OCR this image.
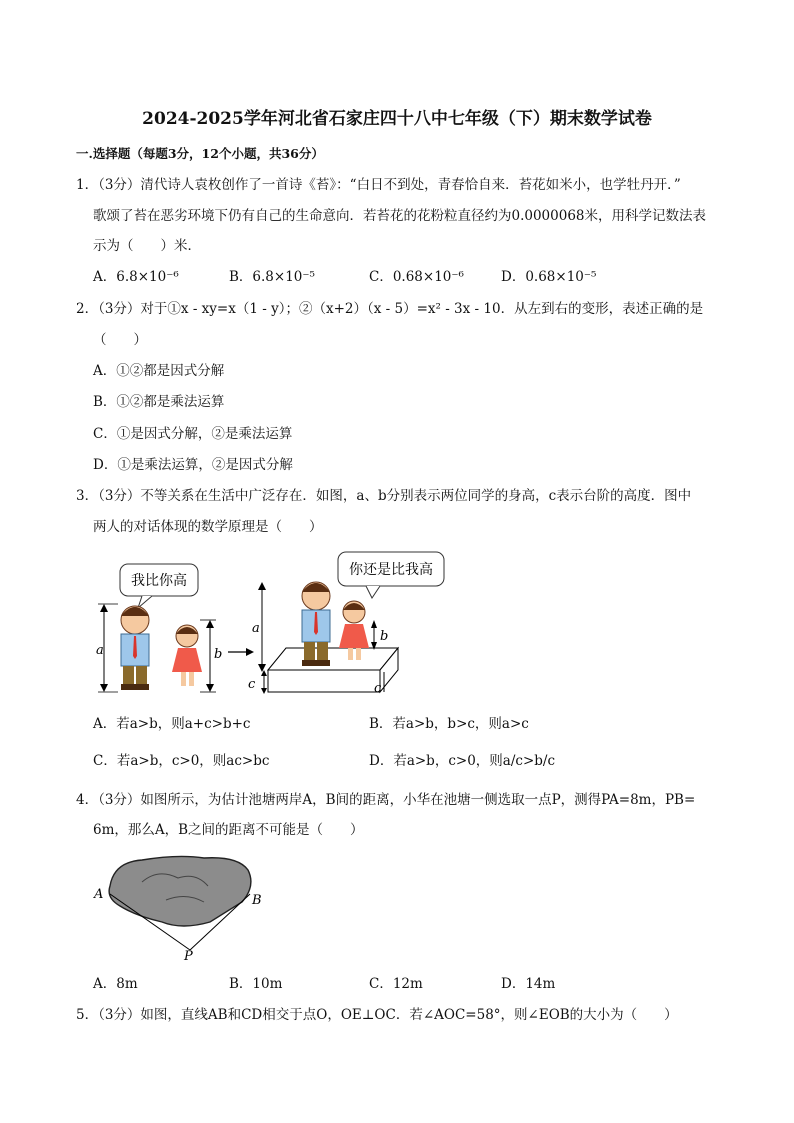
2024-2025学年河北省石家庄四十八中七年级（下）期末数学试卷
一.选择题（每题3分，12个小题，共36分）
1．（3分）清代诗人袁枚创作了一首诗《苔》：“白日不到处，青春恰自来．苔花如米小，也学牡丹开．”
歌颂了苔在恶劣环境下仍有自己的生命意向．若苔花的花粉粒直径约为0.0000068米，用科学记数法表
示为（　　）米．
A．6.8×10⁻⁶	B．6.8×10⁻⁵	C．0.68×10⁻⁶	D．0.68×10⁻⁵
2．（3分）对于①x - xy=x（1 - y）；②（x+2）（x - 5）=x² - 3x - 10．从左到右的变形，表述正确的是
（　　）
A．①②都是因式分解
B．①②都是乘法运算
C．①是因式分解，②是乘法运算
D．①是乘法运算，②是因式分解
3．（3分）不等关系在生活中广泛存在．如图，a、b分别表示两位同学的身高，c表示台阶的高度．图中
两人的对话体现的数学原理是（　　）
我比你高
a	b
你还是比我高
a
c
b
c
A．若a>b，则a+c>b+c	B．若a>b，b>c，则a>c
C．若a>b，c>0，则ac>bc	D．若a>b，c>0，则a/c>b/c
4．（3分）如图所示，为估计池塘两岸A，B间的距离，小华在池塘一侧选取一点P，测得PA=8m，PB=
6m，那么A，B之间的距离不可能是（　　）
A	B
P
A．8m	B．10m	C．12m	D．14m
5．（3分）如图，直线AB和CD相交于点O，OE⊥OC．若∠AOC=58°，则∠EOB的大小为（　　）
